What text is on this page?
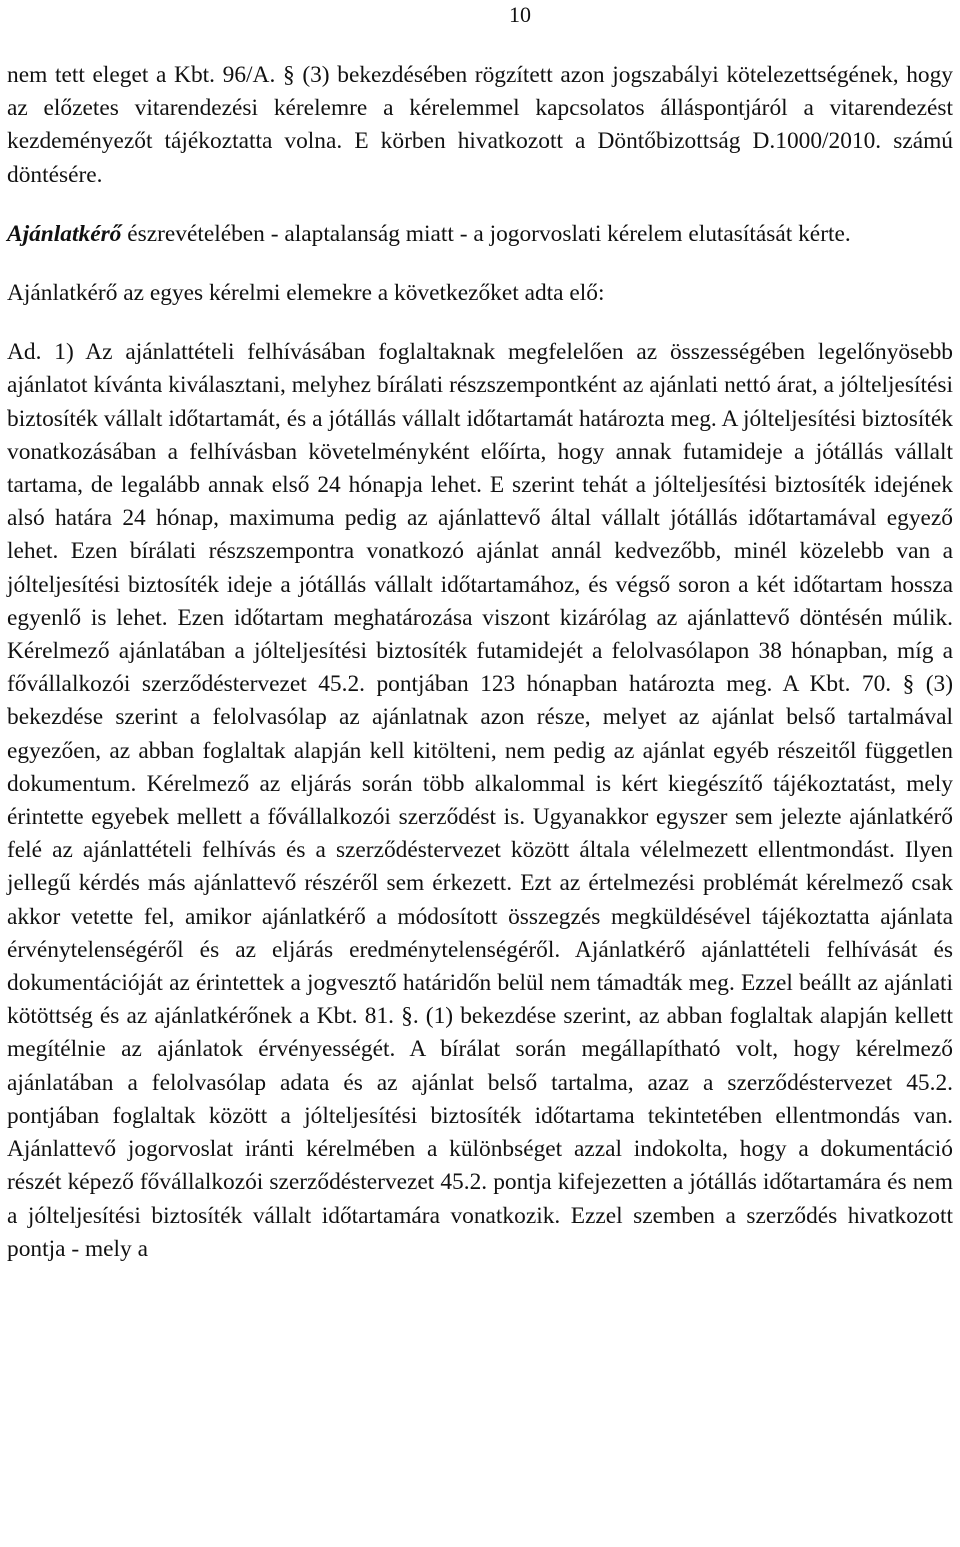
10

nem tett eleget a Kbt. 96/A. § (3) bekezdésében rögzített azon jogszabályi kötelezettségének, hogy az előzetes vitarendezési kérelemre a kérelemmel kapcsolatos álláspontjáról a vitarendezést kezdeményezőt tájékoztatta volna. E körben hivatkozott a Döntőbizottság D.1000/2010. számú döntésére.

Ajánlatkérő észrevételében - alaptalanság miatt - a jogorvoslati kérelem elutasítását kérte.

Ajánlatkérő az egyes kérelmi elemekre a következőket adta elő:

Ad. 1) Az ajánlattételi felhívásában foglaltaknak megfelelően az összességében legelőnyösebb ajánlatot kívánta kiválasztani, melyhez bírálati részszempontként az ajánlati nettó árat, a jólteljesítési biztosíték vállalt időtartamát, és a jótállás vállalt időtartamát határozta meg. A jólteljesítési biztosíték vonatkozásában a felhívásban követelményként előírta, hogy annak futamideje a jótállás vállalt tartama, de legalább annak első 24 hónapja lehet. E szerint tehát a jólteljesítési biztosíték idejének alsó határa 24 hónap, maximuma pedig az ajánlattevő által vállalt jótállás időtartamával egyező lehet. Ezen bírálati részszempontra vonatkozó ajánlat annál kedvezőbb, minél közelebb van a jólteljesítési biztosíték ideje a jótállás vállalt időtartamához, és végső soron a két időtartam hossza egyenlő is lehet. Ezen időtartam meghatározása viszont kizárólag az ajánlattevő döntésén múlik. Kérelmező ajánlatában a jólteljesítési biztosíték futamidejét a felolvasólapon 38 hónapban, míg a fővállalkozói szerződéstervezet 45.2. pontjában 123 hónapban határozta meg. A Kbt. 70. § (3) bekezdése szerint a felolvasólap az ajánlatnak azon része, melyet az ajánlat belső tartalmával egyezően, az abban foglaltak alapján kell kitölteni, nem pedig az ajánlat egyéb részeitől független dokumentum. Kérelmező az eljárás során több alkalommal is kért kiegészítő tájékoztatást, mely érintette egyebek mellett a fővállalkozói szerződést is. Ugyanakkor egyszer sem jelezte ajánlatkérő felé az ajánlattételi felhívás és a szerződéstervezet között általa vélelmezett ellentmondást. Ilyen jellegű kérdés más ajánlattevő részéről sem érkezett. Ezt az értelmezési problémát kérelmező csak akkor vetette fel, amikor ajánlatkérő a módosított összegzés megküldésével tájékoztatta ajánlata érvénytelenségéről és az eljárás eredménytelenségéről. Ajánlatkérő ajánlattételi felhívását és dokumentációját az érintettek a jogvesztő határidőn belül nem támadták meg. Ezzel beállt az ajánlati kötöttség és az ajánlatkérőnek a Kbt. 81. §. (1) bekezdése szerint, az abban foglaltak alapján kellett megítélnie az ajánlatok érvényességét. A bírálat során megállapítható volt, hogy kérelmező ajánlatában a felolvasólap adata és az ajánlat belső tartalma, azaz a szerződéstervezet 45.2. pontjában foglaltak között a jólteljesítési biztosíték időtartama tekintetében ellentmondás van. Ajánlattevő jogorvoslat iránti kérelmében a különbséget azzal indokolta, hogy a dokumentáció részét képező fővállalkozói szerződéstervezet 45.2. pontja kifejezetten a jótállás időtartamára és nem a jólteljesítési biztosíték vállalt időtartamára vonatkozik. Ezzel szemben a szerződés hivatkozott pontja - mely a
